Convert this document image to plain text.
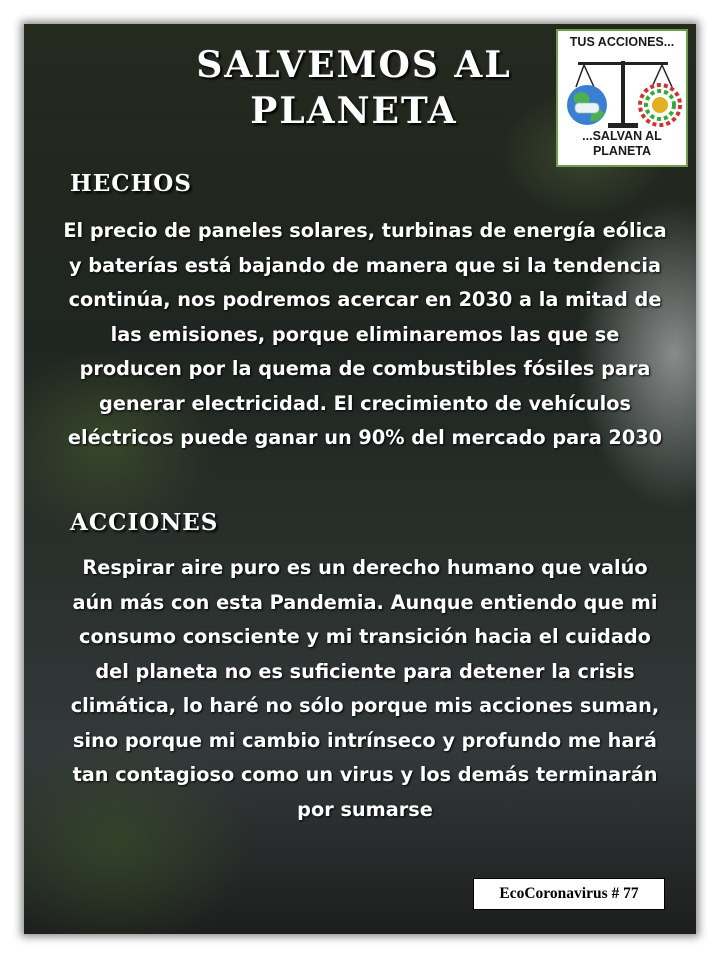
SALVEMOS AL
PLANETA
TUS ACCIONES...
...SALVAN AL
PLANETA
HECHOS

El precio de paneles solares, turbinas de energía eólica y baterías está bajando de manera que si la tendencia continúa, nos podremos acercar en 2030 a la mitad de las emisiones, porque eliminaremos las que se producen por la quema de combustibles fósiles para generar electricidad. El crecimiento de vehículos eléctricos puede ganar un 90% del mercado para 2030

ACCIONES

Respirar aire puro es un derecho humano que valúo aún más con esta Pandemia. Aunque entiendo que mi consumo consciente y mi transición hacia el cuidado del planeta no es suficiente para detener la crisis climática, lo haré no sólo porque mis acciones suman, sino porque mi cambio intrínseco y profundo me hará tan contagioso como un virus y los demás terminarán por sumarse

EcoCoronavirus # 77
